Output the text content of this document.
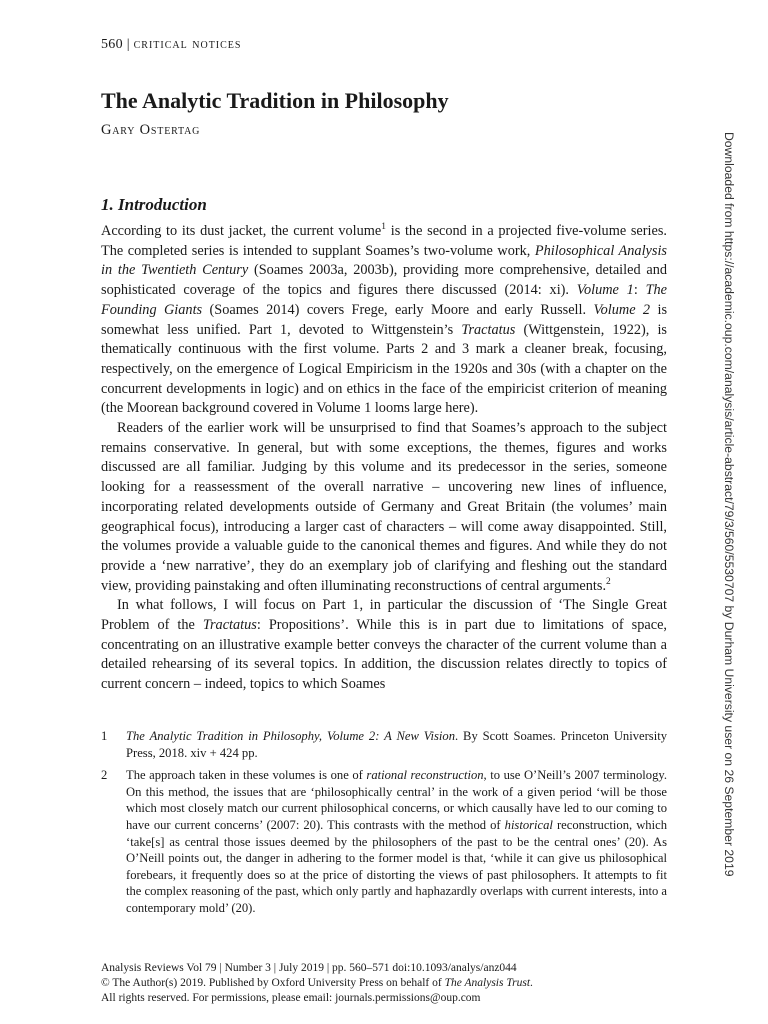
560 | critical notices
The Analytic Tradition in Philosophy
Gary Ostertag
1. Introduction

According to its dust jacket, the current volume$^1$ is the second in a projected five-volume series. The completed series is intended to supplant Soames’s two-volume work, Philosophical Analysis in the Twentieth Century (Soames 2003a, 2003b), providing more comprehensive, detailed and sophisticated coverage of the topics and figures there discussed (2014: xi). Volume 1: The Founding Giants (Soames 2014) covers Frege, early Moore and early Russell. Volume 2 is somewhat less unified. Part 1, devoted to Wittgenstein’s Tractatus (Wittgenstein, 1922), is thematically continuous with the first volume. Parts 2 and 3 mark a cleaner break, focusing, respectively, on the emergence of Logical Empiricism in the 1920s and 30s (with a chapter on the concurrent developments in logic) and on ethics in the face of the empiricist criterion of meaning (the Moorean background covered in Volume 1 looms large here).

Readers of the earlier work will be unsurprised to find that Soames’s approach to the subject remains conservative. In general, but with some exceptions, the themes, figures and works discussed are all familiar. Judging by this volume and its predecessor in the series, someone looking for a reassessment of the overall narrative – uncovering new lines of influence, incorporating related developments outside of Germany and Great Britain (the volumes’ main geographical focus), introducing a larger cast of characters – will come away disappointed. Still, the volumes provide a valuable guide to the canonical themes and figures. And while they do not provide a ‘new narrative’, they do an exemplary job of clarifying and fleshing out the standard view, providing painstaking and often illuminating reconstructions of central arguments.$^2$

In what follows, I will focus on Part 1, in particular the discussion of ‘The Single Great Problem of the Tractatus: Propositions’. While this is in part due to limitations of space, concentrating on an illustrative example better conveys the character of the current volume than a detailed rehearsing of its several topics. In addition, the discussion relates directly to topics of current concern – indeed, topics to which Soames

1	The Analytic Tradition in Philosophy, Volume 2: A New Vision. By Scott Soames. Princeton University Press, 2018. xiv + 424 pp.
2	The approach taken in these volumes is one of rational reconstruction, to use O’Neill’s 2007 terminology. On this method, the issues that are ‘philosophically central’ in the work of a given period ‘will be those which most closely match our current philosophical concerns, or which causally have led to our coming to have our current concerns’ (2007: 20). This contrasts with the method of historical reconstruction, which ‘take[s] as central those issues deemed by the philosophers of the past to be the central ones’ (20). As O’Neill points out, the danger in adhering to the former model is that, ‘while it can give us philosophical forebears, it frequently does so at the price of distorting the views of past philosophers. It attempts to fit the complex reasoning of the past, which only partly and haphazardly overlaps with current interests, into a contemporary mold’ (20).
Analysis Reviews Vol 79 | Number 3 | July 2019 | pp. 560–571 doi:10.1093/analys/anz044
© The Author(s) 2019. Published by Oxford University Press on behalf of The Analysis Trust.
All rights reserved. For permissions, please email: journals.permissions@oup.com
Downloaded from https://academic.oup.com/analysis/article-abstract/79/3/560/5530707 by Durham University user on 26 September 2019
